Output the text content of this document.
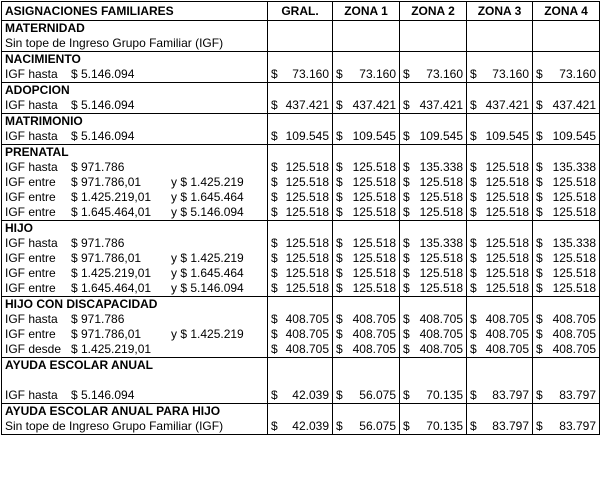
ASIGNACIONES FAMILIARES	GRAL.	ZONA 1	ZONA 2	ZONA 3	ZONA 4
MATERNIDAD					
Sin tope de Ingreso Grupo Familiar (IGF)					
NACIMIENTO					
IGF hasta $ 5.146.094	$ 73.160	$ 73.160	$ 73.160	$ 73.160	$ 73.160
ADOPCION					
IGF hasta $ 5.146.094	$ 437.421	$ 437.421	$ 437.421	$ 437.421	$ 437.421
MATRIMONIO					
IGF hasta $ 5.146.094	$ 109.545	$ 109.545	$ 109.545	$ 109.545	$ 109.545
PRENATAL					
IGF hasta $ 971.786	$ 125.518	$ 125.518	$ 135.338	$ 125.518	$ 135.338
IGF entre $ 971.786,01 y $ 1.425.219	$ 125.518	$ 125.518	$ 125.518	$ 125.518	$ 125.518
IGF entre $ 1.425.219,01 y $ 1.645.464	$ 125.518	$ 125.518	$ 125.518	$ 125.518	$ 125.518
IGF entre $ 1.645.464,01 y $ 5.146.094	$ 125.518	$ 125.518	$ 125.518	$ 125.518	$ 125.518
HIJO					
IGF hasta $ 971.786	$ 125.518	$ 125.518	$ 135.338	$ 125.518	$ 135.338
IGF entre $ 971.786,01 y $ 1.425.219	$ 125.518	$ 125.518	$ 125.518	$ 125.518	$ 125.518
IGF entre $ 1.425.219,01 y $ 1.645.464	$ 125.518	$ 125.518	$ 125.518	$ 125.518	$ 125.518
IGF entre $ 1.645.464,01 y $ 5.146.094	$ 125.518	$ 125.518	$ 125.518	$ 125.518	$ 125.518
HIJO CON DISCAPACIDAD					
IGF hasta $ 971.786	$ 408.705	$ 408.705	$ 408.705	$ 408.705	$ 408.705
IGF entre $ 971.786,01 y $ 1.425.219	$ 408.705	$ 408.705	$ 408.705	$ 408.705	$ 408.705
IGF desde $ 1.425.219,01	$ 408.705	$ 408.705	$ 408.705	$ 408.705	$ 408.705
AYUDA ESCOLAR ANUAL					

IGF hasta $ 5.146.094	$ 42.039	$ 56.075	$ 70.135	$ 83.797	$ 83.797
AYUDA ESCOLAR ANUAL PARA HIJO					
Sin tope de Ingreso Grupo Familiar (IGF)	$ 42.039	$ 56.075	$ 70.135	$ 83.797	$ 83.797
